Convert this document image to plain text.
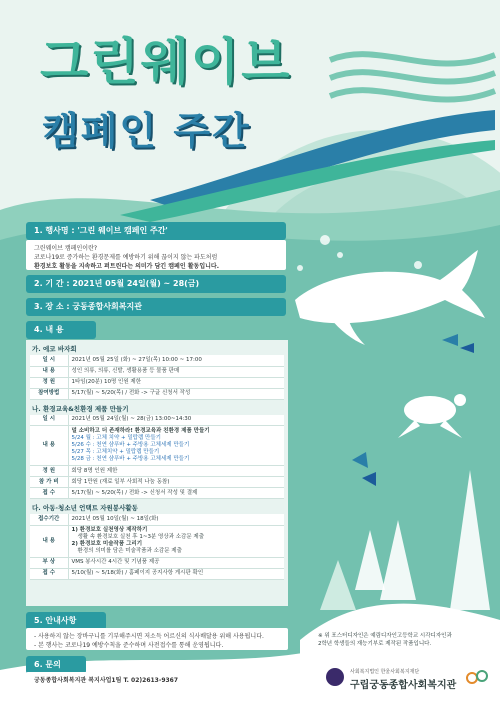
그린웨이브
캠페인 주간
1. 행사명 : '그린 웨이브 캠페인 주간'
그린웨이브 캠페인이란?
코로나19로 증가하는 환경문제를 예방하기 위해 끊이지 않는 파도처럼
환경보호 활동을 지속하고 퍼트린다는 의미가 담긴 캠페인 활동입니다.
2. 기 간 : 2021년 05월 24일(월) ~ 28(금)
3. 장 소 : 궁동종합사회복지관
4. 내 용
가. 에코 바자회
일 시	2021년 05월 25일 (화) ~ 27일(목) 10:00 ~ 17:00
내 용	성인 의류, 의류, 신발, 생활용품 등 물품 판매
정 원	1타임(20분) 10명 인원 제한
참여방법	5/17(월) ~ 5/20(목) / 전화 -> 구글 신청서 작성
나. 환경교육&친환경 제품 만들기
일 시	2021년 05월 24일(월) ~ 28(금) 13:00~14:30
내 용	덜 소비하고 더 존재하라! 환경교육과 친환경 제품 만들기
5/24 월 : 고체 치약 + 밀랍랩 만들기
5/26 수 : 천연 샴푸바 + 주방용 고체세제 만들기
5/27 목 : 고체치약 + 밀랍랩 만들기
5/28 금 : 천연 샴푸바 + 주방용 고체세제 만들기

정 원	회당 8명 인원 제한
참 가 비	회당 1만원 (재료 일부 사회적 나눔 동참)
접 수	5/17(월) ~ 5/20(목) / 전화 -> 신청서 작성 및 결제
다. 아동·청소년 언택트 자원봉사활동
접수기간	2021년 05월 10일(월) ~ 18일(화)
내 용	1) 환경보호 실천영상 제작하기
생활 속 환경보호 실천 후 1~3분 영상과 소감문 제출
2) 환경보호 미술작품 그리기
환경의 의미를 담은 미술작품과 소감문 제출

부 상	VMS 봉사시간 4시간 및 기념품 제공
접 수	5/10(월) ~ 5/18(화) / 홈페이지 공지사항 게시판 확인
5. 안내사항
- 사용하지 않는 장바구니를 기부해주시면 저소득 어르신의 식사배달용 위해 사용됩니다.
- 본 행사는 코로나19 예방수칙을 준수하며 사전접수를 통해 운영됩니다.
6. 문의
궁동종합사회복지관 복지사업1팀 T. 02)2613-9367
※ 위 포스터디자인은 예림디자인고등학교 시각디자인과
2학년 학생들의 재능기부로 제작된 작품입니다.
사회복지법인 한울사회복지재단
구립궁동종합사회복지관
